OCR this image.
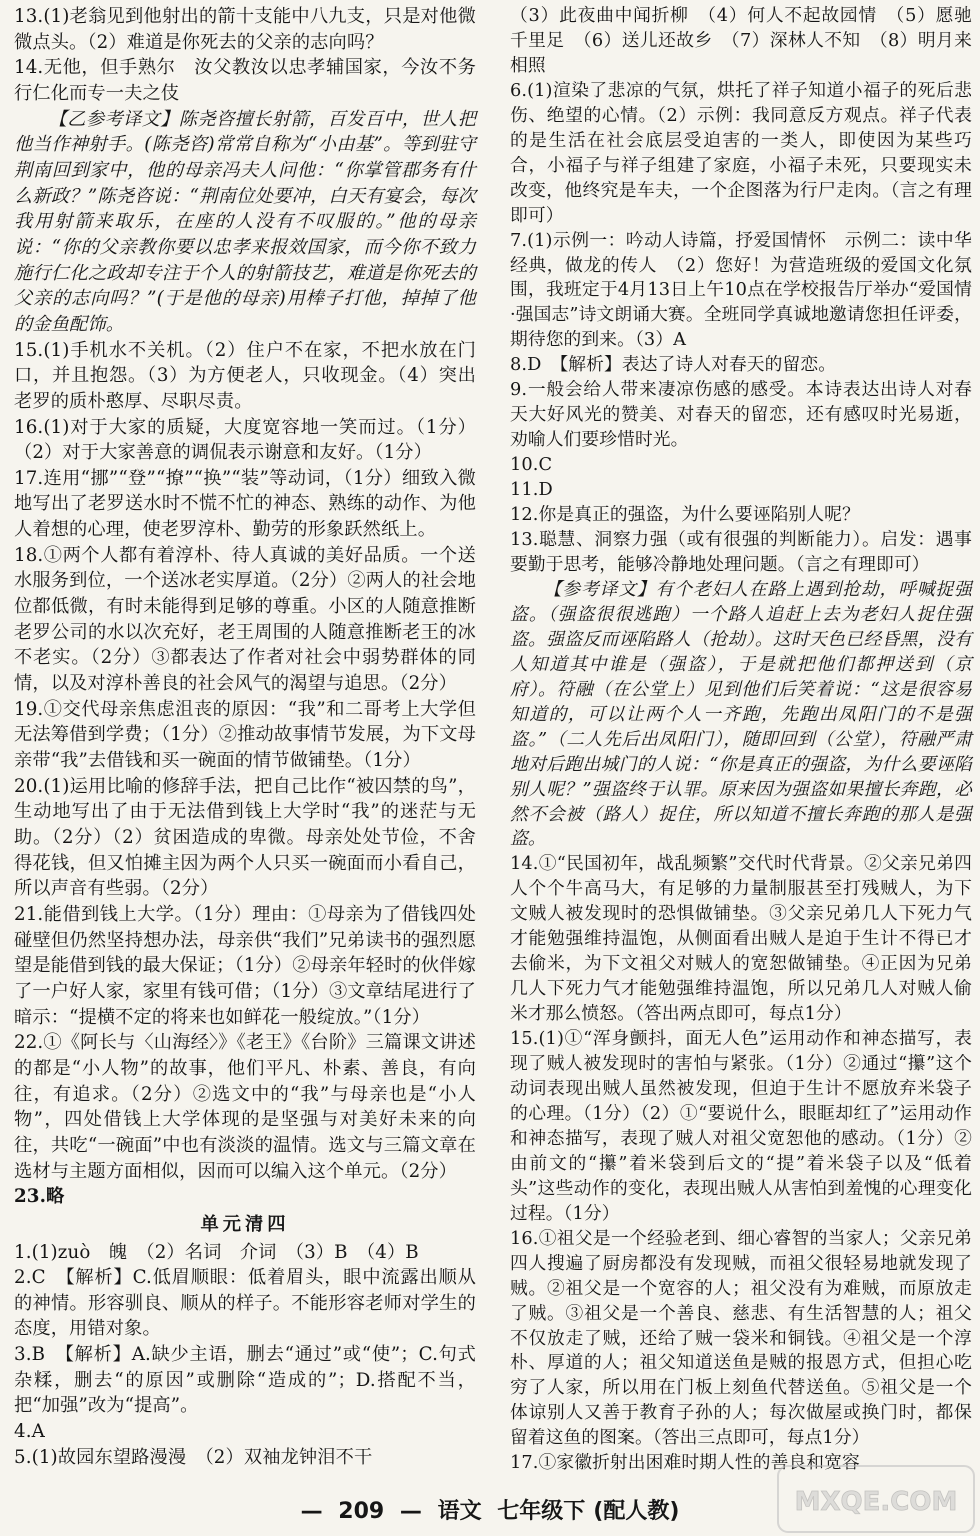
13.(1)老翁见到他射出的箭十支能中八九支，只是对他微微点头。（2）难道是你死去的父亲的志向吗？

14.无他，但手熟尔　汝父教汝以忠孝辅国家，今汝不务行仁化而专一夫之伎

【乙参考译文】陈尧咨擅长射箭，百发百中，世人把他当作神射手。(陈尧咨)常常自称为“小由基”。等到驻守荆南回到家中，他的母亲冯夫人问他：“你掌管郡务有什么新政？”陈尧咨说：“荆南位处要冲，白天有宴会，每次我用射箭来取乐，在座的人没有不叹服的。”他的母亲说：“你的父亲教你要以忠孝来报效国家，而今你不致力施行仁化之政却专注于个人的射箭技艺，难道是你死去的父亲的志向吗？”(于是他的母亲)用棒子打他，掉掉了他的金鱼配饰。

15.(1)手机水不关机。（2）住户不在家，不把水放在门口，并且抱怨。（3）为方便老人，只收现金。（4）突出老罗的质朴憨厚、尽职尽责。

16.(1)对于大家的质疑，大度宽容地一笑而过。（1分）（2）对于大家善意的调侃表示谢意和友好。（1分）

17.连用“挪”“登”“撩”“换”“装”等动词，（1分）细致入微地写出了老罗送水时不慌不忙的神态、熟练的动作、为他人着想的心理，使老罗淳朴、勤劳的形象跃然纸上。

18.①两个人都有着淳朴、待人真诚的美好品质。一个送水服务到位，一个送冰老实厚道。（2分）②两人的社会地位都低微，有时未能得到足够的尊重。小区的人随意推断老罗公司的水以次充好，老王周围的人随意推断老王的冰不老实。（2分）③都表达了作者对社会中弱势群体的同情，以及对淳朴善良的社会风气的渴望与追思。（2分）

19.①交代母亲焦虑沮丧的原因：“我”和二哥考上大学但无法筹借到学费；（1分）②推动故事情节发展，为下文母亲带“我”去借钱和买一碗面的情节做铺垫。（1分）

20.(1)运用比喻的修辞手法，把自己比作“被囚禁的鸟”，生动地写出了由于无法借到钱上大学时“我”的迷茫与无助。（2分）（2）贫困造成的卑微。母亲处处节俭，不舍得花钱，但又怕摊主因为两个人只买一碗面而小看自己，所以声音有些弱。（2分）

21.能借到钱上大学。（1分）理由：①母亲为了借钱四处碰壁但仍然坚持想办法，母亲供“我们”兄弟读书的强烈愿望是能借到钱的最大保证；（1分）②母亲年轻时的伙伴嫁了一户好人家，家里有钱可借；（1分）③文章结尾进行了暗示：“提横不定的将来也如鲜花一般绽放。”（1分）

22.①《阿长与〈山海经〉》《老王》《台阶》三篇课文讲述的都是“小人物”的故事，他们平凡、朴素、善良，有向往，有追求。（2分）②选文中的“我”与母亲也是“小人物”，四处借钱上大学体现的是坚强与对美好未来的向往，共吃“一碗面”中也有淡淡的温情。选文与三篇文章在选材与主题方面相似，因而可以编入这个单元。（2分）

23.略

单元清四

1.(1)zuò　魄　（2）名词　介词　（3）B　（4）B

2.C　【解析】C.低眉顺眼：低着眉头，眼中流露出顺从的神情。形容驯良、顺从的样子。不能形容老师对学生的态度，用错对象。

3.B　【解析】A.缺少主语，删去“通过”或“使”；C.句式杂糅，删去“的原因”或删除“造成的”；D.搭配不当，把“加强”改为“提高”。

4.A

5.(1)故园东望路漫漫　（2）双袖龙钟泪不干

（3）此夜曲中闻折柳　（4）何人不起故园情　（5）愿驰千里足　（6）送儿还故乡　（7）深林人不知　（8）明月来相照

6.(1)渲染了悲凉的气氛，烘托了祥子知道小福子的死后悲伤、绝望的心情。（2）示例：我同意反方观点。祥子代表的是生活在社会底层受迫害的一类人，即使因为某些巧合，小福子与祥子组建了家庭，小福子未死，只要现实未改变，他终究是车夫，一个企图落为行尸走肉。（言之有理即可）

7.(1)示例一：吟动人诗篇，抒爱国情怀　示例二：读中华经典，做龙的传人　（2）您好！为营造班级的爱国文化氛围，我班定于4月13日上午10点在学校报告厅举办“爱国情·强国志”诗文朗诵大赛。全班同学真诚地邀请您担任评委，期待您的到来。（3）A

8.D　【解析】表达了诗人对春天的留恋。

9.一般会给人带来凄凉伤感的感受。本诗表达出诗人对春天大好风光的赞美、对春天的留恋，还有感叹时光易逝，劝喻人们要珍惜时光。

10.C

11.D

12.你是真正的强盗，为什么要诬陷别人呢？

13.聪慧、洞察力强（或有很强的判断能力）。启发：遇事要勤于思考，能够冷静地处理问题。（言之有理即可）

【参考译文】有个老妇人在路上遇到抢劫，呼喊捉强盗。（强盗很很逃跑）一个路人追赶上去为老妇人捉住强盗。强盗反而诬陷路人（抢劫）。这时天色已经昏黑，没有人知道其中谁是（强盗），于是就把他们都押送到（京府）。符融（在公堂上）见到他们后笑着说：“这是很容易知道的，可以让两个人一齐跑，先跑出凤阳门的不是强盗。”（二人先后出凤阳门），随即回到（公堂），符融严肃地对后跑出城门的人说：“你是真正的强盗，为什么要诬陷别人呢？”强盗终于认罪。原来因为强盗如果擅长奔跑，必然不会被（路人）捉住，所以知道不擅长奔跑的那人是强盗。

14.①“民国初年，战乱频繁”交代时代背景。②父亲兄弟四人个个牛高马大，有足够的力量制服甚至打残贼人，为下文贼人被发现时的恐惧做铺垫。③父亲兄弟几人下死力气才能勉强维持温饱，从侧面看出贼人是迫于生计不得已才去偷米，为下文祖父对贼人的宽恕做铺垫。④正因为兄弟几人下死力气才能勉强维持温饱，所以兄弟几人对贼人偷米才那么愤怒。（答出两点即可，每点1分）

15.(1)①“浑身颤抖，面无人色”运用动作和神态描写，表现了贼人被发现时的害怕与紧张。（1分）②通过“攥”这个动词表现出贼人虽然被发现，但迫于生计不愿放弃米袋子的心理。（1分）（2）①“要说什么，眼眶却红了”运用动作和神态描写，表现了贼人对祖父宽恕他的感动。（1分）②由前文的“攥”着米袋到后文的“提”着米袋子以及“低着头”这些动作的变化，表现出贼人从害怕到羞愧的心理变化过程。（1分）

16.①祖父是一个经验老到、细心睿智的当家人；父亲兄弟四人搜遍了厨房都没有发现贼，而祖父很轻易地就发现了贼。②祖父是一个宽容的人；祖父没有为难贼，而原放走了贼。③祖父是一个善良、慈悲、有生活智慧的人；祖父不仅放走了贼，还给了贼一袋米和铜钱。④祖父是一个淳朴、厚道的人；祖父知道送鱼是贼的报恩方式，但担心吃穷了人家，所以用在门板上刻鱼代替送鱼。⑤祖父是一个体谅别人又善于教育子孙的人；每次做屋或换门时，都保留着这鱼的图案。（答出三点即可，每点1分）

17.①家徽折射出困难时期人性的善良和宽容

— 209 — 语文 七年级下 (配人教)	MXQE.COM
